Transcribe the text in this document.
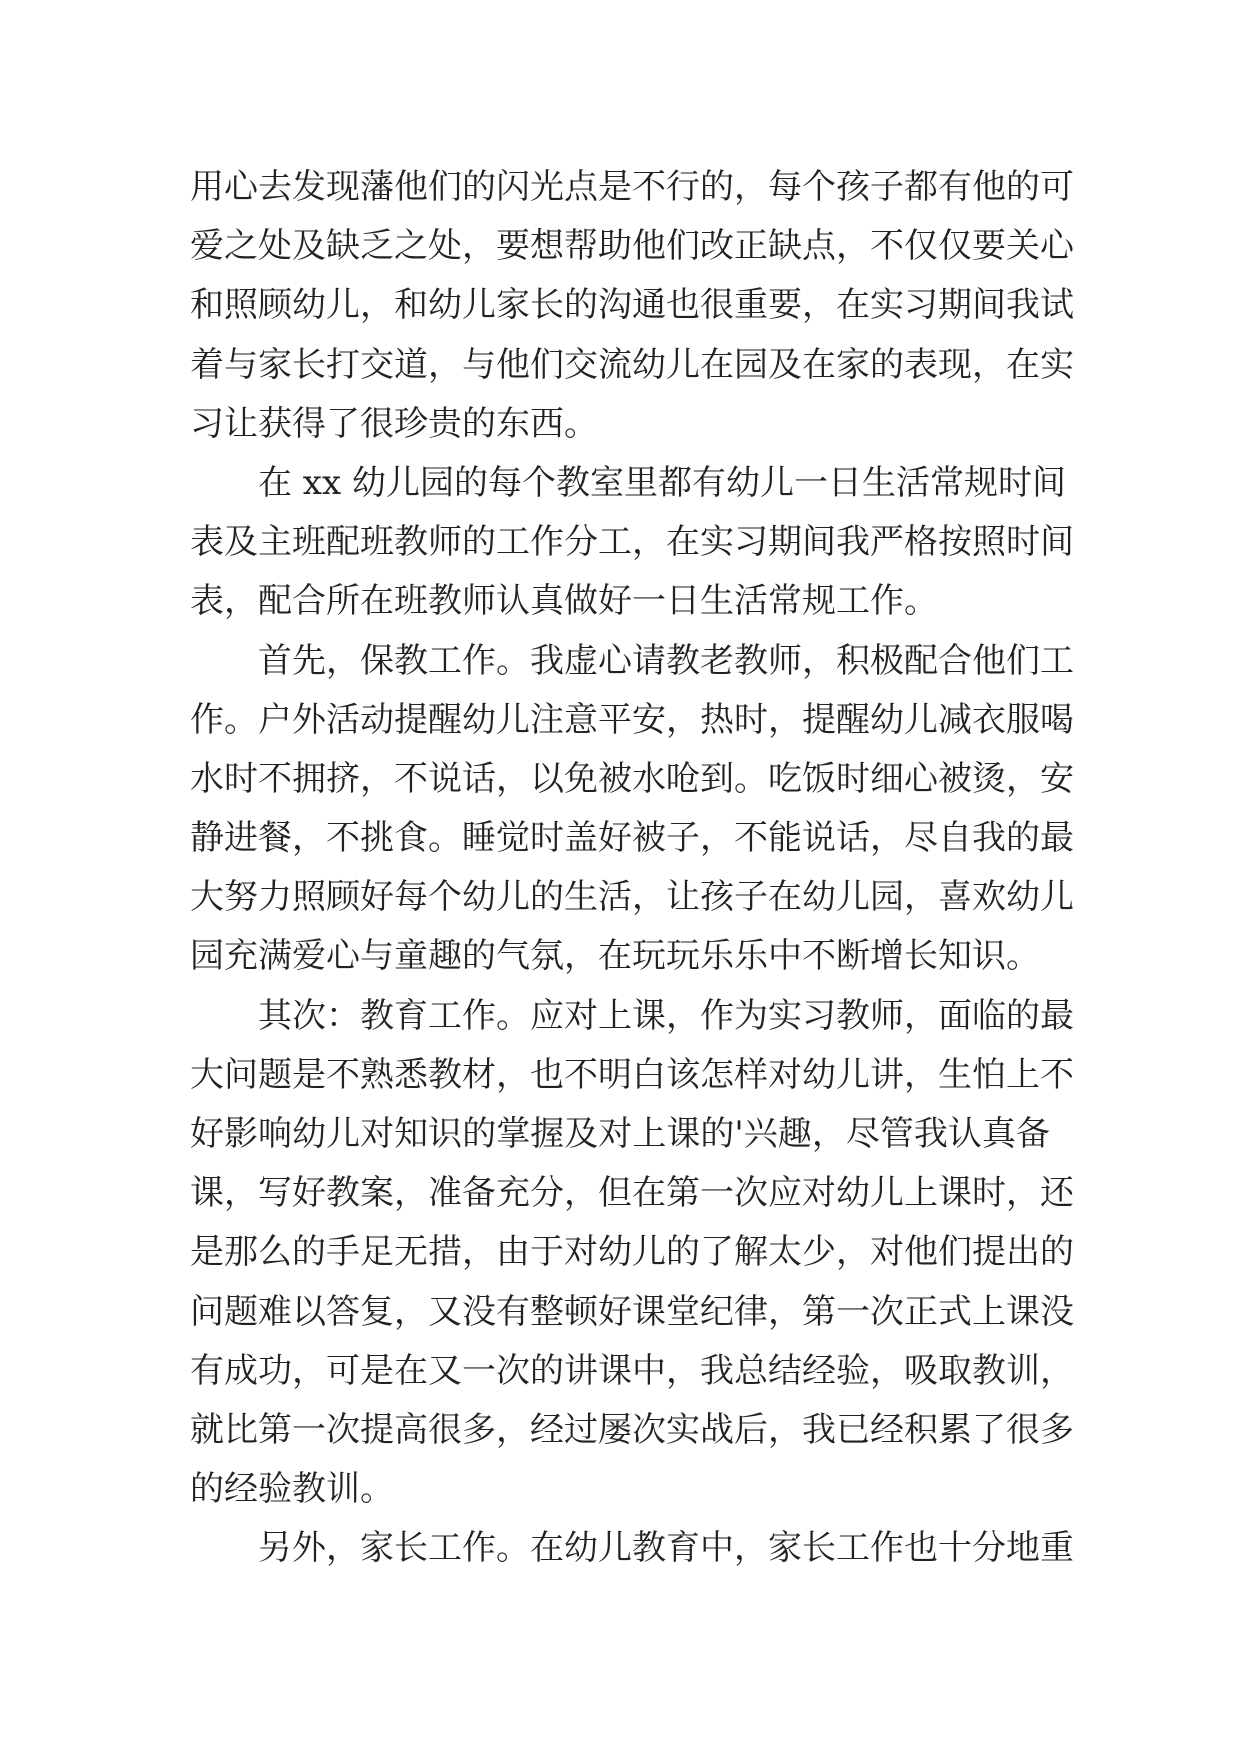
用心去发现藩他们的闪光点是不行的，每个孩子都有他的可
爱之处及缺乏之处，要想帮助他们改正缺点，不仅仅要关心
和照顾幼儿，和幼儿家长的沟通也很重要，在实习期间我试
着与家长打交道，与他们交流幼儿在园及在家的表现，在实
习让获得了很珍贵的东西。
在 xx 幼儿园的每个教室里都有幼儿一日生活常规时间
表及主班配班教师的工作分工，在实习期间我严格按照时间
表，配合所在班教师认真做好一日生活常规工作。
首先，保教工作。我虚心请教老教师，积极配合他们工
作。户外活动提醒幼儿注意平安，热时，提醒幼儿减衣服喝
水时不拥挤，不说话，以免被水呛到。吃饭时细心被烫，安
静进餐，不挑食。睡觉时盖好被子，不能说话，尽自我的最
大努力照顾好每个幼儿的生活，让孩子在幼儿园，喜欢幼儿
园充满爱心与童趣的气氛，在玩玩乐乐中不断增长知识。
其次：教育工作。应对上课，作为实习教师，面临的最
大问题是不熟悉教材，也不明白该怎样对幼儿讲，生怕上不
好影响幼儿对知识的掌握及对上课的'兴趣，尽管我认真备
课，写好教案，准备充分，但在第一次应对幼儿上课时，还
是那么的手足无措，由于对幼儿的了解太少，对他们提出的
问题难以答复，又没有整顿好课堂纪律，第一次正式上课没
有成功，可是在又一次的讲课中，我总结经验，吸取教训，
就比第一次提高很多，经过屡次实战后，我已经积累了很多
的经验教训。
另外，家长工作。在幼儿教育中，家长工作也十分地重
